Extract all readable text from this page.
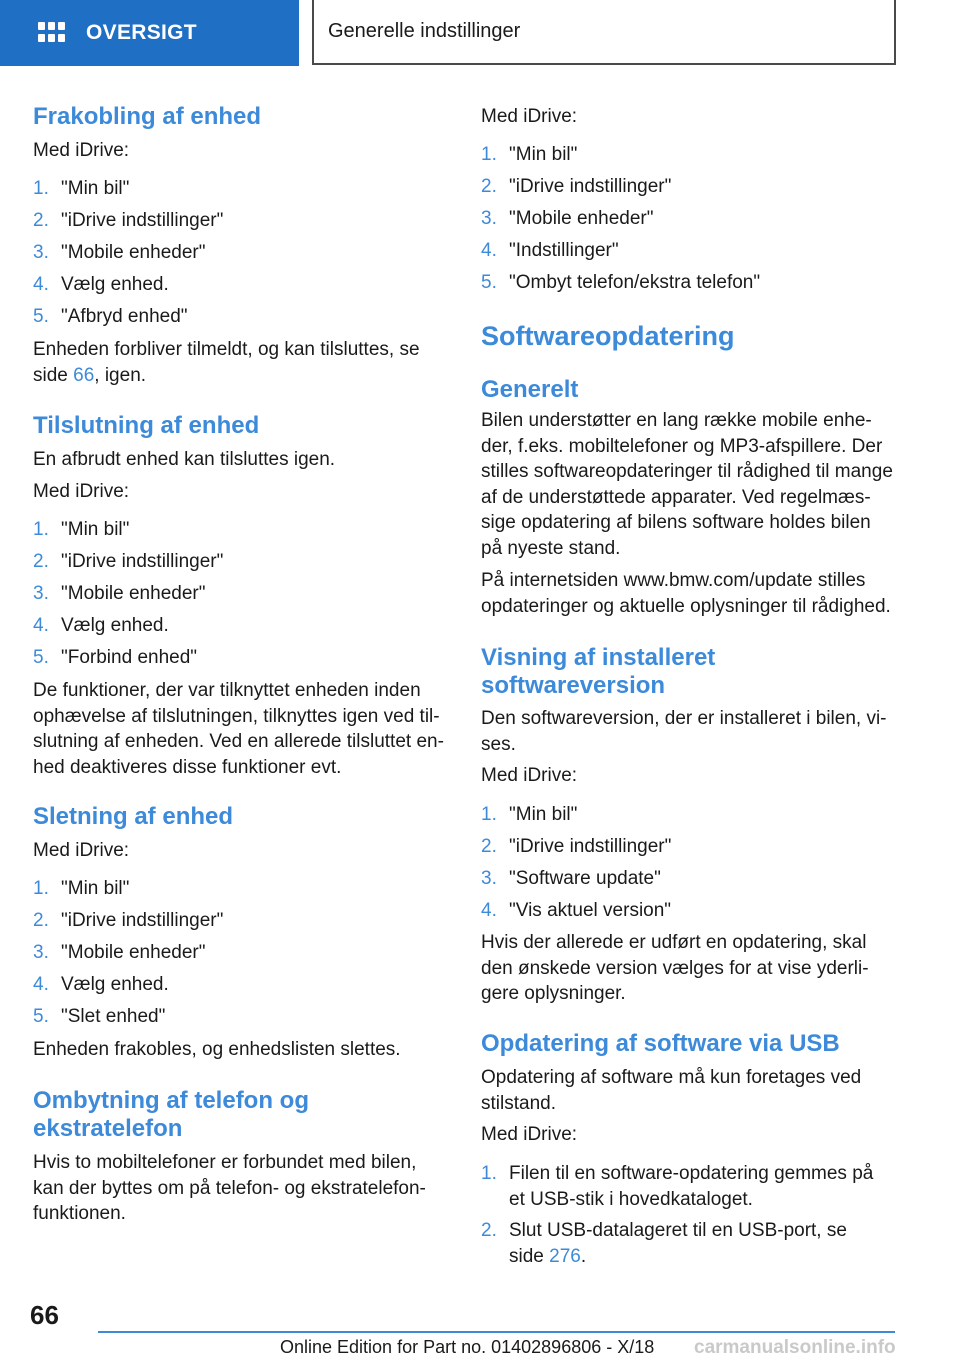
OVERSIGT	Generelle indstillinger
Frakobling af enhed
Med iDrive:
1. "Min bil"
2. "iDrive indstillinger"
3. "Mobile enheder"
4. Vælg enhed.
5. "Afbryd enhed"
Enheden forbliver tilmeldt, og kan tilsluttes, se
side 66, igen.
Tilslutning af enhed
En afbrudt enhed kan tilsluttes igen.
Med iDrive:
1. "Min bil"
2. "iDrive indstillinger"
3. "Mobile enheder"
4. Vælg enhed.
5. "Forbind enhed"
De funktioner, der var tilknyttet enheden inden
ophævelse af tilslutningen, tilknyttes igen ved til‐
slutning af enheden. Ved en allerede tilsluttet en‐
hed deaktiveres disse funktioner evt.
Sletning af enhed
Med iDrive:
1. "Min bil"
2. "iDrive indstillinger"
3. "Mobile enheder"
4. Vælg enhed.
5. "Slet enhed"
Enheden frakobles, og enhedslisten slettes.
Ombytning af telefon og
ekstratelefon
Hvis to mobiltelefoner er forbundet med bilen,
kan der byttes om på telefon- og ekstratelefon‐
funktionen.
Med iDrive:
1. "Min bil"
2. "iDrive indstillinger"
3. "Mobile enheder"
4. "Indstillinger"
5. "Ombyt telefon/ekstra telefon"
Softwareopdatering
Generelt
Bilen understøtter en lang række mobile enhe‐
der, f.eks. mobiltelefoner og MP3-afspillere. Der
stilles softwareopdateringer til rådighed til mange
af de understøttede apparater. Ved regelmæs‐
sige opdatering af bilens software holdes bilen
på nyeste stand.
På internetsiden www.bmw.com/update stilles
opdateringer og aktuelle oplysninger til rådighed.
Visning af installeret
softwareversion
Den softwareversion, der er installeret i bilen, vi‐
ses.
Med iDrive:
1. "Min bil"
2. "iDrive indstillinger"
3. "Software update"
4. "Vis aktuel version"
Hvis der allerede er udført en opdatering, skal
den ønskede version vælges for at vise yderli‐
gere oplysninger.
Opdatering af software via USB
Opdatering af software må kun foretages ved
stilstand.
Med iDrive:
1. Filen til en software-opdatering gemmes på
et USB-stik i hovedkataloget.
2. Slut USB-datalageret til en USB-port, se
side 276.
66
Online Edition for Part no. 01402896806 - X/18 carmanualsonline.info
